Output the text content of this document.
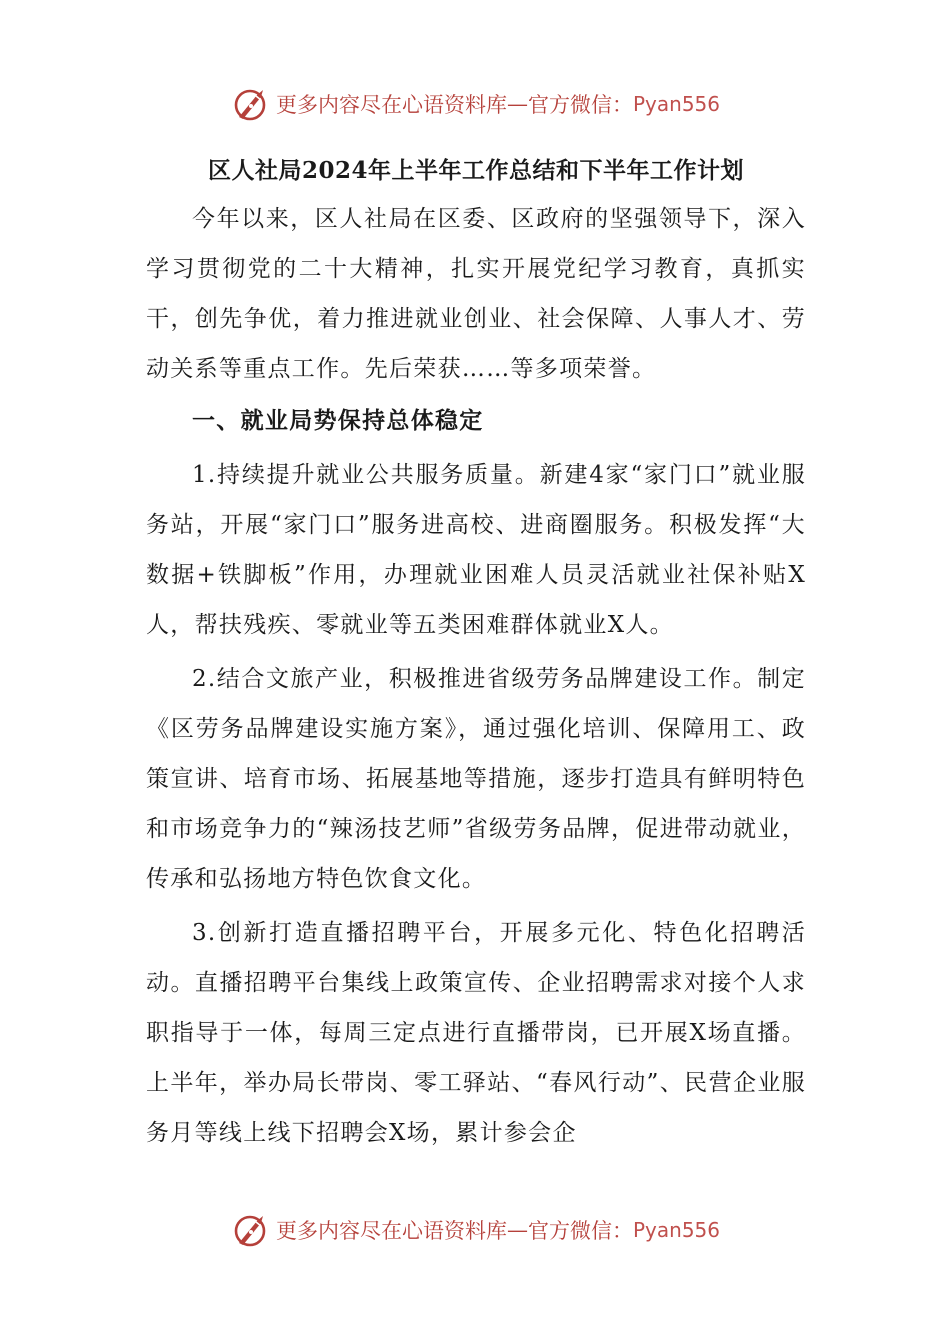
更多内容尽在心语资料库 — 官方微信： Pyan556

区人社局2024年上半年工作总结和下半年工作计划

今年以来，区人社局在区委、区政府的坚强领导下，深入学习贯彻党的二十大精神，扎实开展党纪学习教育，真抓实干，创先争优，着力推进就业创业、社会保障、人事人才、劳动关系等重点工作。先后荣获……等多项荣誉。

一、就业局势保持总体稳定

1.持续提升就业公共服务质量。新建4家“家门口”就业服务站，开展“家门口”服务进高校、进商圈服务。积极发挥“大数据+铁脚板”作用，办理就业困难人员灵活就业社保补贴X人，帮扶残疾、零就业等五类困难群体就业X人。

2.结合文旅产业，积极推进省级劳务品牌建设工作。制定《区劳务品牌建设实施方案》，通过强化培训、保障用工、政策宣讲、培育市场、拓展基地等措施，逐步打造具有鲜明特色和市场竞争力的“辣汤技艺师”省级劳务品牌，促进带动就业，传承和弘扬地方特色饮食文化。

3.创新打造直播招聘平台，开展多元化、特色化招聘活动。直播招聘平台集线上政策宣传、企业招聘需求对接个人求职指导于一体，每周三定点进行直播带岗，已开展X场直播。上半年，举办局长带岗、零工驿站、“春风行动”、民营企业服务月等线上线下招聘会X场，累计参会企

更多内容尽在心语资料库 — 官方微信： Pyan556
